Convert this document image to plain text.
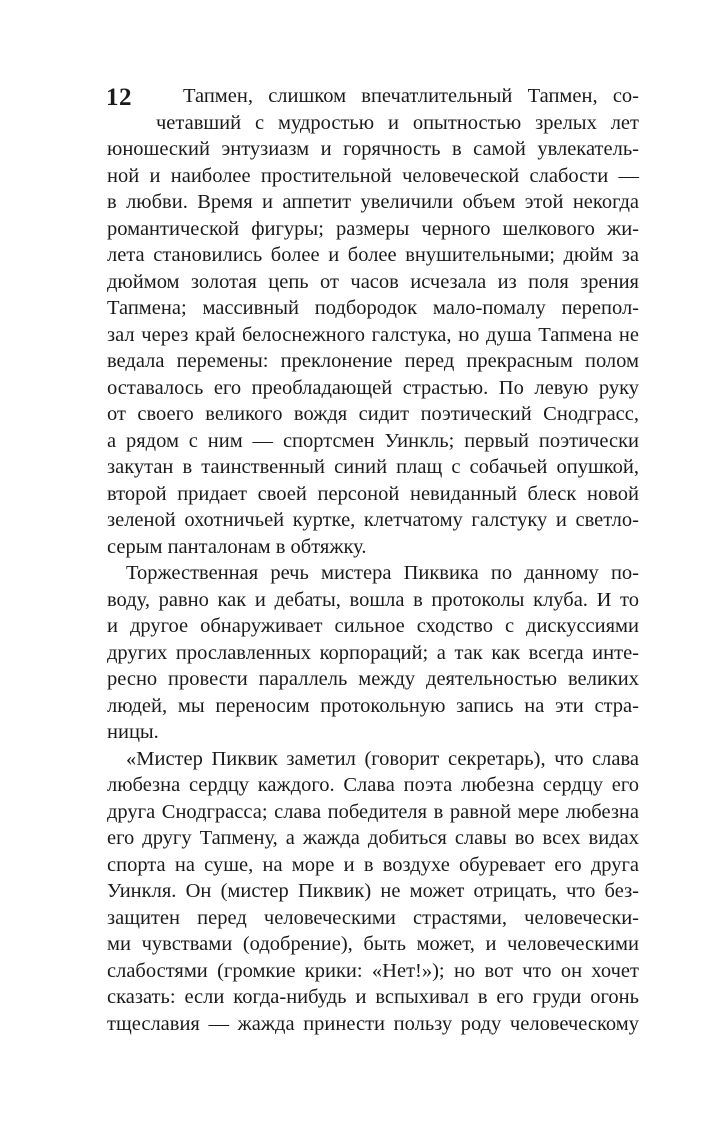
12	Тапмен, слишком впечатлительный Тапмен, со-
четавший с мудростью и опытностью зрелых лет
юношеский энтузиазм и горячность в самой увлекатель-
ной и наиболее простительной человеческой слабости —
в любви. Время и аппетит увеличили объем этой некогда
романтической фигуры; размеры черного шелкового жи-
лета становились более и более внушительными; дюйм за
дюймом золотая цепь от часов исчезала из поля зрения
Тапмена; массивный подбородок мало-помалу перепол-
зал через край белоснежного галстука, но душа Тапмена не
ведала перемены: преклонение перед прекрасным полом
оставалось его преобладающей страстью. По левую руку
от своего великого вождя сидит поэтический Снодграсс,
а рядом с ним — спортсмен Уинкль; первый поэтически
закутан в таинственный синий плащ с собачьей опушкой,
второй придает своей персоной невиданный блеск новой
зеленой охотничьей куртке, клетчатому галстуку и светло-
серым панталонам в обтяжку.
Торжественная речь мистера Пиквика по данному по-
воду, равно как и дебаты, вошла в протоколы клуба. И то
и другое обнаруживает сильное сходство с дискуссиями
других прославленных корпораций; а так как всегда инте-
ресно провести параллель между деятельностью великих
людей, мы переносим протокольную запись на эти стра-
ницы.
«Мистер Пиквик заметил (говорит секретарь), что слава
любезна сердцу каждого. Слава поэта любезна сердцу его
друга Снодграсса; слава победителя в равной мере любезна
его другу Тапмену, а жажда добиться славы во всех видах
спорта на суше, на море и в воздухе обуревает его друга
Уинкля. Он (мистер Пиквик) не может отрицать, что без-
защитен перед человеческими страстями, человечески-
ми чувствами (одобрение), быть может, и человеческими
слабостями (громкие крики: «Нет!»); но вот что он хочет
сказать: если когда-нибудь и вспыхивал в его груди огонь
тщеславия — жажда принести пользу роду человеческому
